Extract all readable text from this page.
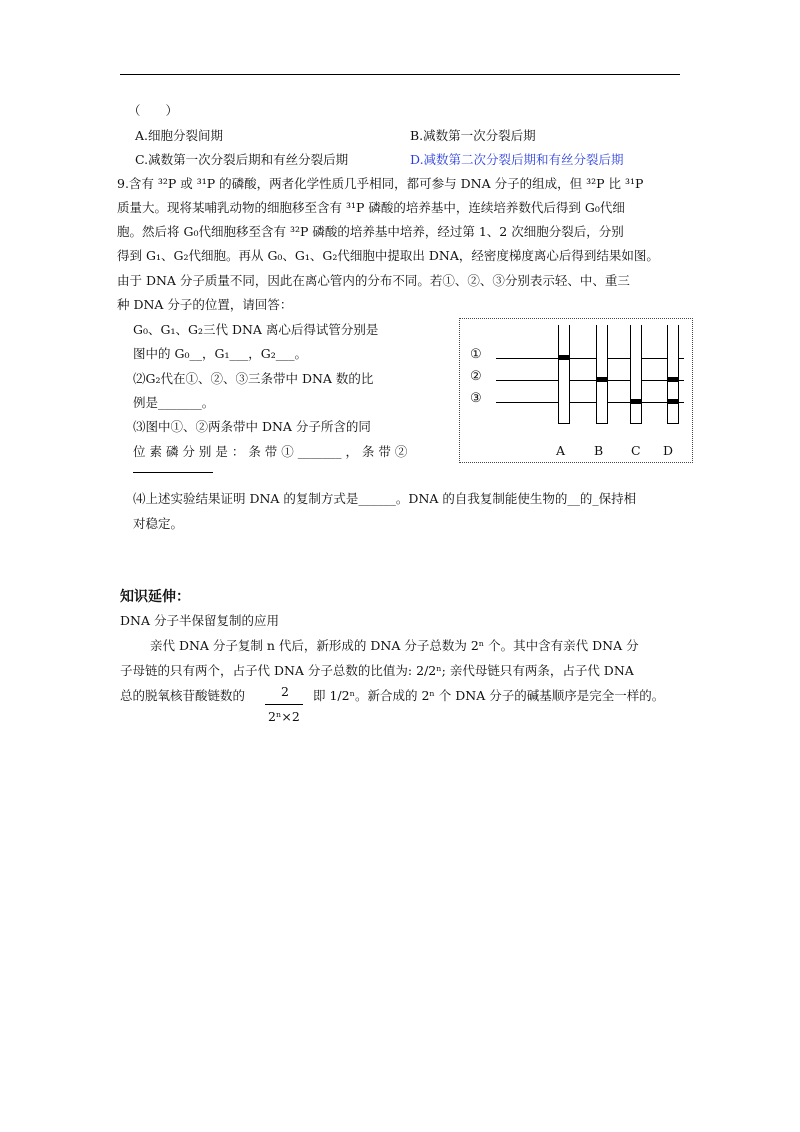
（　　）
A.细胞分裂间期	B.减数第一次分裂后期
C.减数第一次分裂后期和有丝分裂后期	D.减数第二次分裂后期和有丝分裂后期
9.含有 ³²P 或 ³¹P 的磷酸，两者化学性质几乎相同，都可参与 DNA 分子的组成，但 ³²P 比 ³¹P
质量大。现将某哺乳动物的细胞移至含有 ³¹P 磷酸的培养基中，连续培养数代后得到 G₀代细
胞。然后将 G₀代细胞移至含有 ³²P 磷酸的培养基中培养，经过第 1、2 次细胞分裂后，分别
得到 G₁、G₂代细胞。再从 G₀、G₁、G₂代细胞中提取出 DNA，经密度梯度离心后得到结果如图。
由于 DNA 分子质量不同，因此在离心管内的分布不同。若①、②、③分别表示轻、中、重三
种 DNA 分子的位置，请回答：
G₀、G₁、G₂三代 DNA 离心后得试管分别是
图中的 G₀__，G₁___，G₂___。
⑵G₂代在①、②、③三条带中 DNA 数的比
例是_______。
⑶图中①、②两条带中 DNA 分子所含的同
位 素 磷 分 别 是 ： 条 带 ① _______ ， 条 带 ②
⑷上述实验结果证明 DNA 的复制方式是______。DNA 的自我复制能使生物的__的_保持相
对稳定。
①
②
③
A B C D
知识延伸：
DNA 分子半保留复制的应用
亲代 DNA 分子复制 n 代后，新形成的 DNA 分子总数为 2ⁿ 个。其中含有亲代 DNA 分
子母链的只有两个，占子代 DNA 分子总数的比值为: 2/2ⁿ; 亲代母链只有两条，占子代 DNA
总的脱氧核苷酸链数的	2	即 1/2ⁿ。新合成的 2ⁿ 个 DNA 分子的碱基顺序是完全一样的。
2ⁿ×2
